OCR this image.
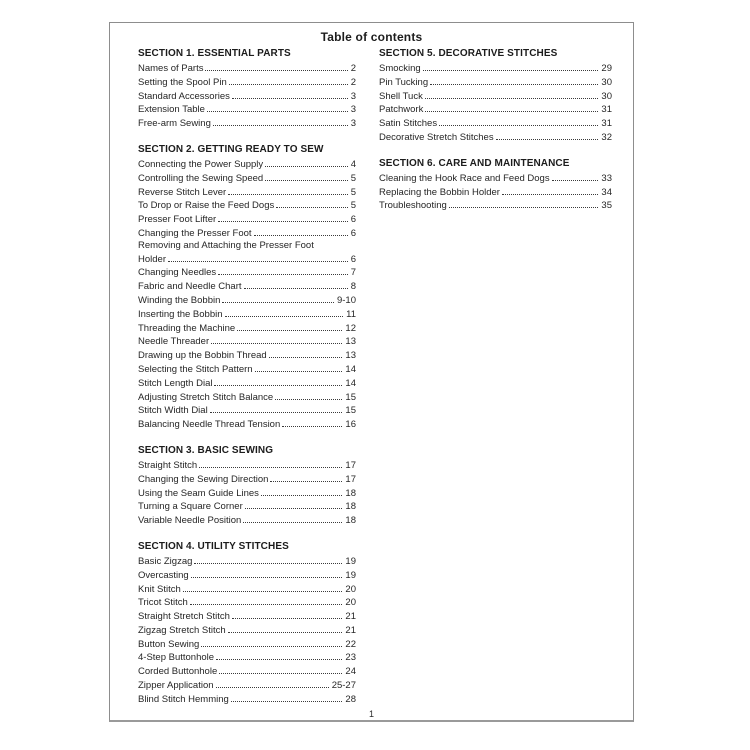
Table of contents
SECTION 1. ESSENTIAL PARTS
Names of Parts	2
Setting the Spool Pin	2
Standard Accessories	3
Extension Table	3
Free-arm Sewing	3
SECTION 2. GETTING READY TO SEW
Connecting the Power Supply	4
Controlling the Sewing Speed	5
Reverse Stitch Lever	5
To Drop or Raise the Feed Dogs	5
Presser Foot Lifter	6
Changing the Presser Foot	6
Removing and Attaching the Presser Foot
Holder	6
Changing Needles	7
Fabric and Needle Chart	8
Winding the Bobbin	9-10
Inserting the Bobbin	11
Threading the Machine	12
Needle Threader	13
Drawing up the Bobbin Thread	13
Selecting the Stitch Pattern	14
Stitch Length Dial	14
Adjusting Stretch Stitch Balance	15
Stitch Width Dial	15
Balancing Needle Thread Tension	16
SECTION 3. BASIC SEWING
Straight Stitch	17
Changing the Sewing Direction	17
Using the Seam Guide Lines	18
Turning a Square Corner	18
Variable Needle Position	18
SECTION 4. UTILITY STITCHES
Basic Zigzag	19
Overcasting	19
Knit Stitch	20
Tricot Stitch	20
Straight Stretch Stitch	21
Zigzag Stretch Stitch	21
Button Sewing	22
4-Step Buttonhole	23
Corded Buttonhole	24
Zipper Application	25-27
Blind Stitch Hemming	28
SECTION 5. DECORATIVE STITCHES
Smocking	29
Pin Tucking	30
Shell Tuck	30
Patchwork	31
Satin Stitches	31
Decorative Stretch Stitches	32
SECTION 6. CARE AND MAINTENANCE
Cleaning the Hook Race and Feed Dogs	33
Replacing the Bobbin Holder	34
Troubleshooting	35
1
